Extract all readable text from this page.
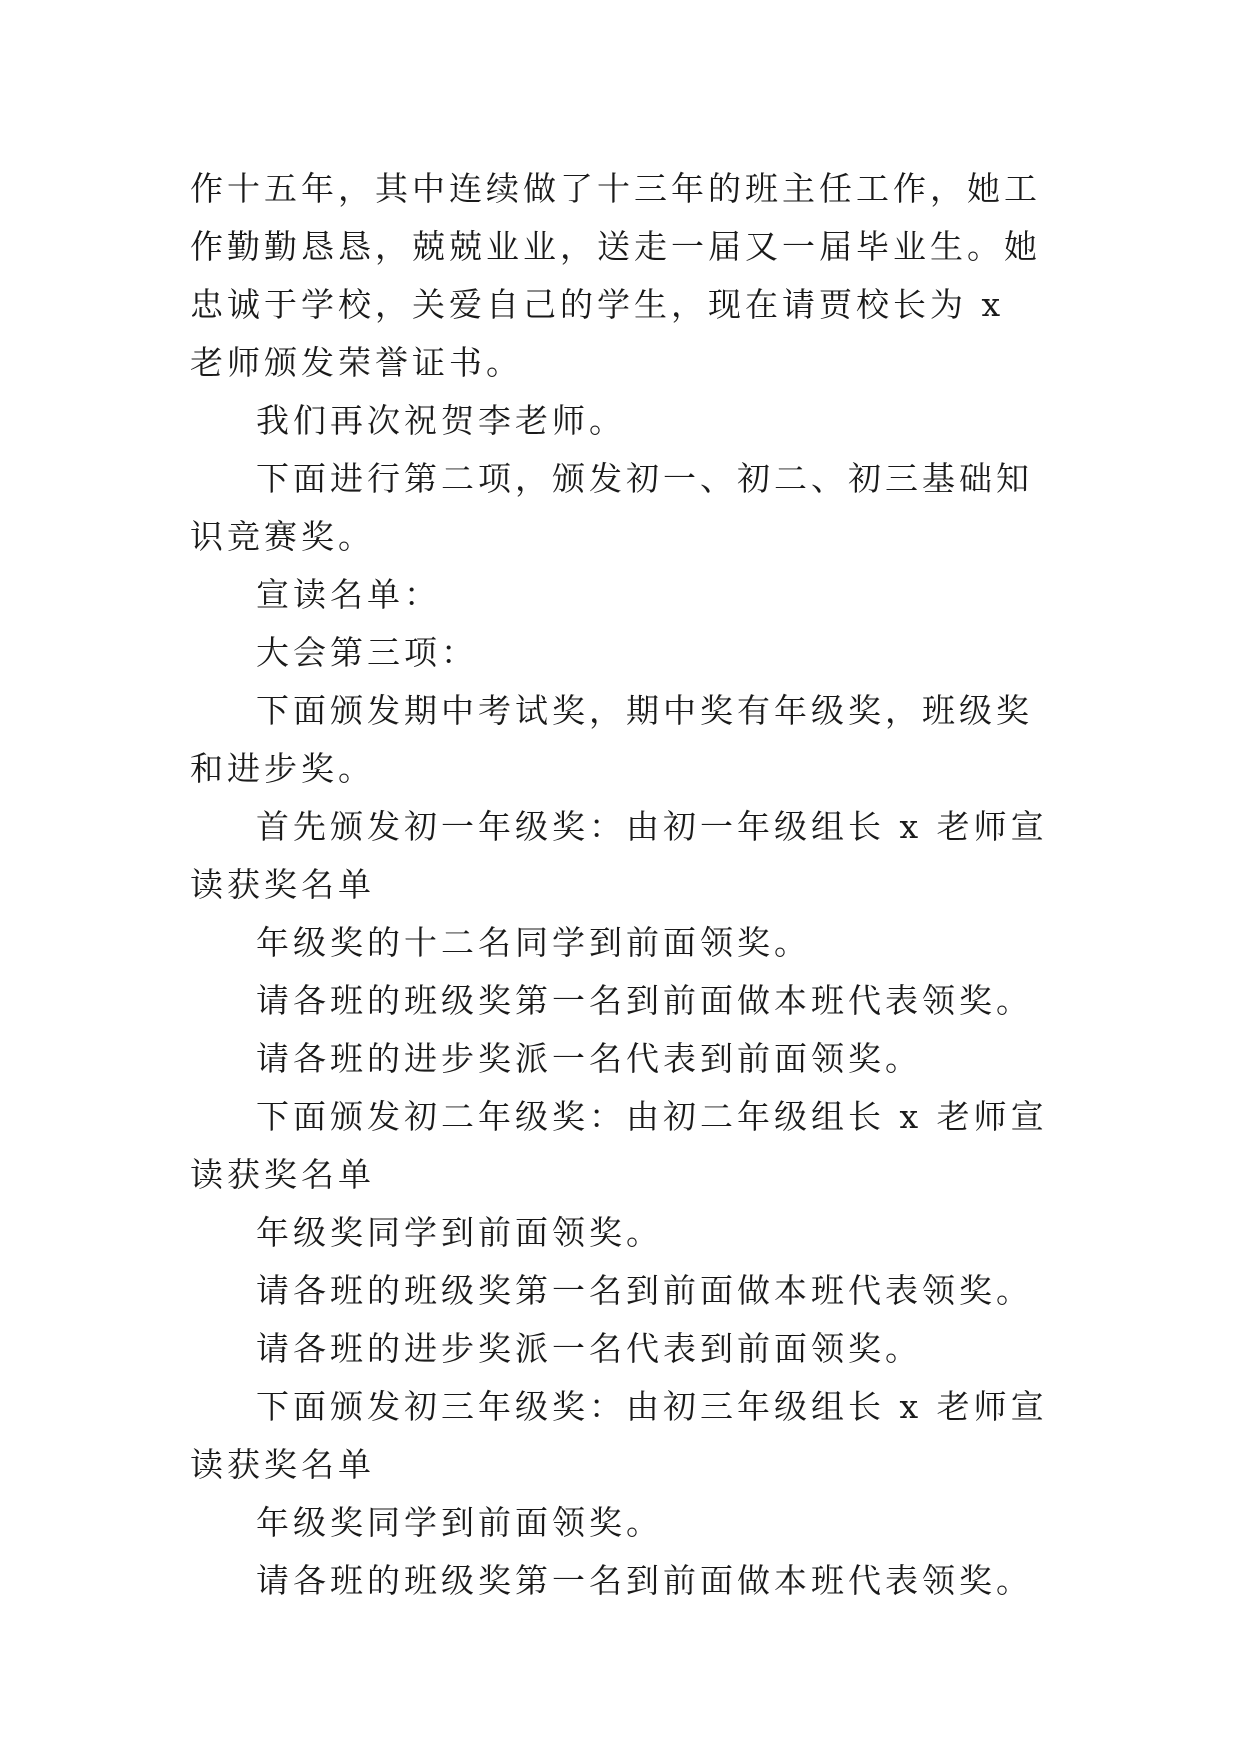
作十五年，其中连续做了十三年的班主任工作，她工作勤勤恳恳，兢兢业业，送走一届又一届毕业生。她忠诚于学校，关爱自己的学生，现在请贾校长为 x 老师颁发荣誉证书。

我们再次祝贺李老师。

下面进行第二项，颁发初一、初二、初三基础知识竞赛奖。

宣读名单：

大会第三项：

下面颁发期中考试奖，期中奖有年级奖，班级奖和进步奖。

首先颁发初一年级奖：由初一年级组长 x 老师宣读获奖名单

年级奖的十二名同学到前面领奖。

请各班的班级奖第一名到前面做本班代表领奖。

请各班的进步奖派一名代表到前面领奖。

下面颁发初二年级奖：由初二年级组长 x 老师宣读获奖名单

年级奖同学到前面领奖。

请各班的班级奖第一名到前面做本班代表领奖。

请各班的进步奖派一名代表到前面领奖。

下面颁发初三年级奖：由初三年级组长 x 老师宣读获奖名单

年级奖同学到前面领奖。

请各班的班级奖第一名到前面做本班代表领奖。
